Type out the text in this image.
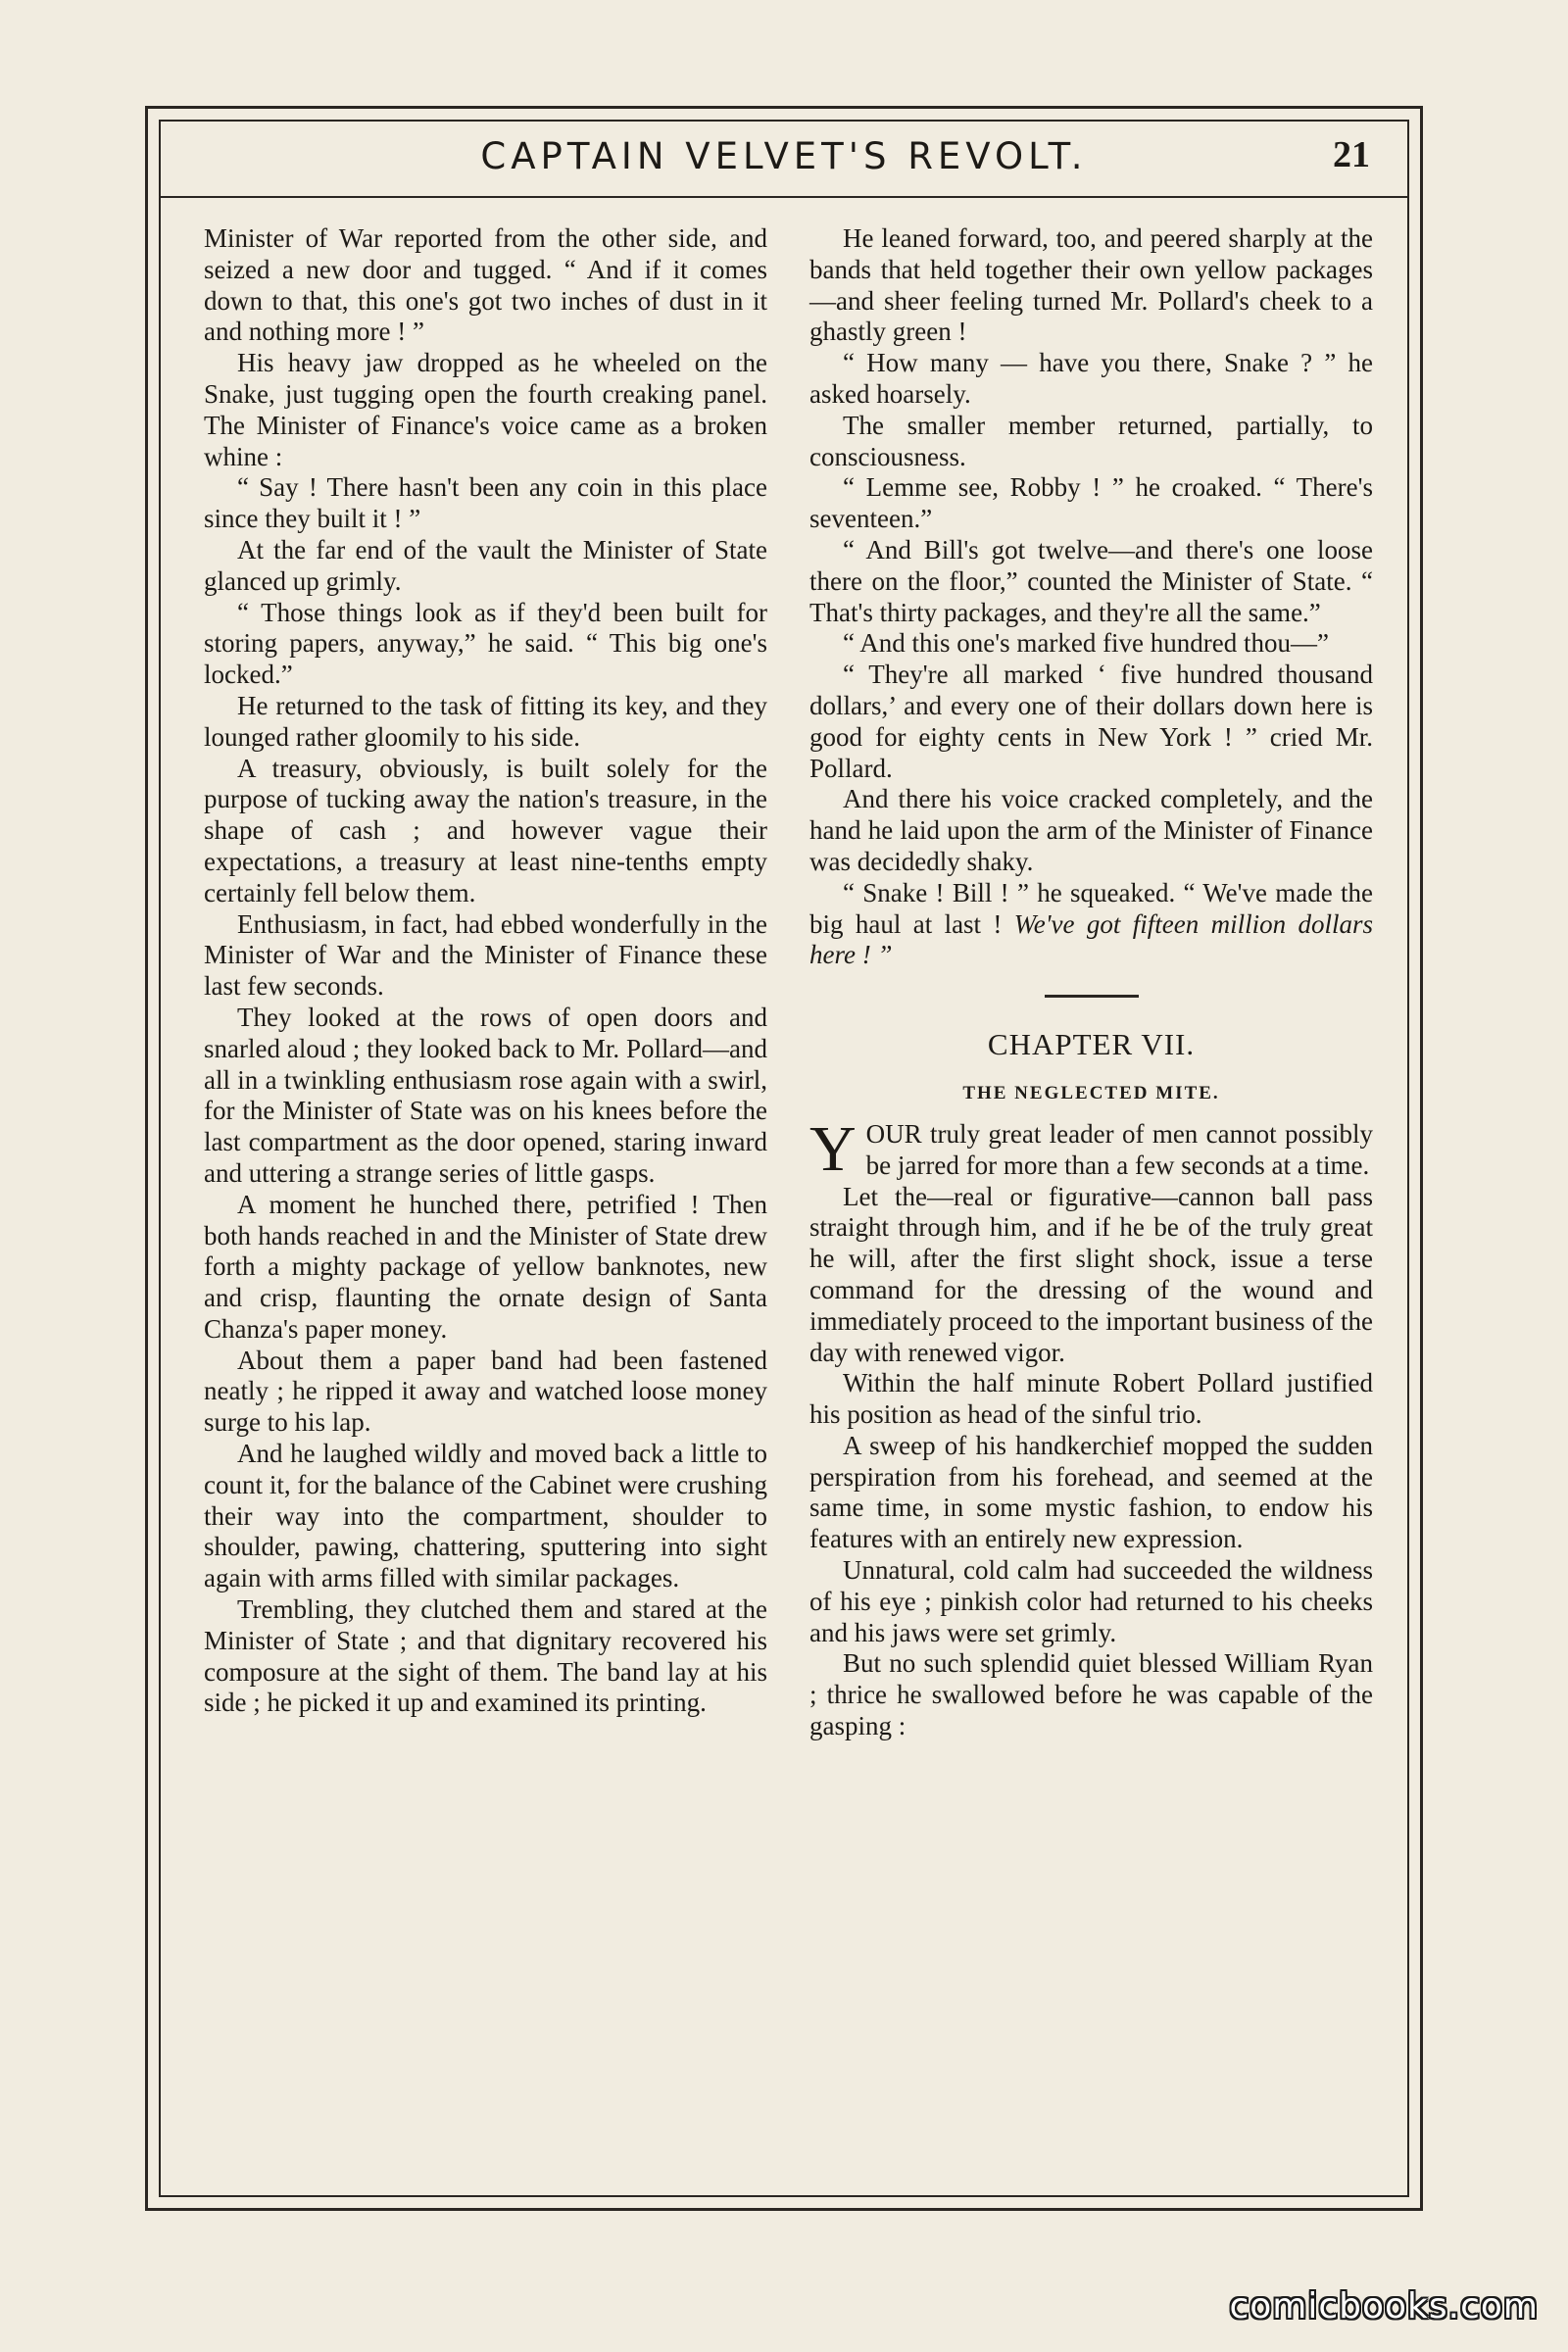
CAPTAIN VELVET'S REVOLT.	21

Minister of War reported from the other side, and seized a new door and tugged. “ And if it comes down to that, this one's got two inches of dust in it and nothing more ! ”

His heavy jaw dropped as he wheeled on the Snake, just tugging open the fourth creaking panel. The Minister of Finance's voice came as a broken whine :

“ Say ! There hasn't been any coin in this place since they built it ! ”

At the far end of the vault the Minister of State glanced up grimly.

“ Those things look as if they'd been built for storing papers, anyway,” he said. “ This big one's locked.”

He returned to the task of fitting its key, and they lounged rather gloomily to his side.

A treasury, obviously, is built solely for the purpose of tucking away the nation's treasure, in the shape of cash ; and however vague their expectations, a treasury at least nine-tenths empty certainly fell below them.

Enthusiasm, in fact, had ebbed wonderfully in the Minister of War and the Minister of Finance these last few seconds.

They looked at the rows of open doors and snarled aloud ; they looked back to Mr. Pollard—and all in a twinkling enthusiasm rose again with a swirl, for the Minister of State was on his knees before the last compartment as the door opened, staring inward and uttering a strange series of little gasps.

A moment he hunched there, petrified ! Then both hands reached in and the Minister of State drew forth a mighty package of yellow banknotes, new and crisp, flaunting the ornate design of Santa Chanza's paper money.

About them a paper band had been fastened neatly ; he ripped it away and watched loose money surge to his lap.

And he laughed wildly and moved back a little to count it, for the balance of the Cabinet were crushing their way into the compartment, shoulder to shoulder, pawing, chattering, sputtering into sight again with arms filled with similar packages.

Trembling, they clutched them and stared at the Minister of State ; and that dignitary recovered his composure at the sight of them. The band lay at his side ; he picked it up and examined its printing.

He leaned forward, too, and peered sharply at the bands that held together their own yellow packages—and sheer feeling turned Mr. Pollard's cheek to a ghastly green !

“ How many — have you there, Snake ? ” he asked hoarsely.

The smaller member returned, partially, to consciousness.

“ Lemme see, Robby ! ” he croaked. “ There's seventeen.”

“ And Bill's got twelve—and there's one loose there on the floor,” counted the Minister of State. “ That's thirty packages, and they're all the same.”

“ And this one's marked five hundred thou—”

“ They're all marked ‘ five hundred thousand dollars,’ and every one of their dollars down here is good for eighty cents in New York ! ” cried Mr. Pollard.

And there his voice cracked completely, and the hand he laid upon the arm of the Minister of Finance was decidedly shaky.

“ Snake ! Bill ! ” he squeaked. “ We've made the big haul at last ! We've got fifteen million dollars here ! ”

CHAPTER VII.
THE NEGLECTED MITE.

YOUR truly great leader of men cannot possibly be jarred for more than a few seconds at a time.

Let the—real or figurative—cannon ball pass straight through him, and if he be of the truly great he will, after the first slight shock, issue a terse command for the dressing of the wound and immediately proceed to the important business of the day with renewed vigor.

Within the half minute Robert Pollard justified his position as head of the sinful trio.

A sweep of his handkerchief mopped the sudden perspiration from his forehead, and seemed at the same time, in some mystic fashion, to endow his features with an entirely new expression.

Unnatural, cold calm had succeeded the wildness of his eye ; pinkish color had returned to his cheeks and his jaws were set grimly.

But no such splendid quiet blessed William Ryan ; thrice he swallowed before he was capable of the gasping :

comicbooks.com
